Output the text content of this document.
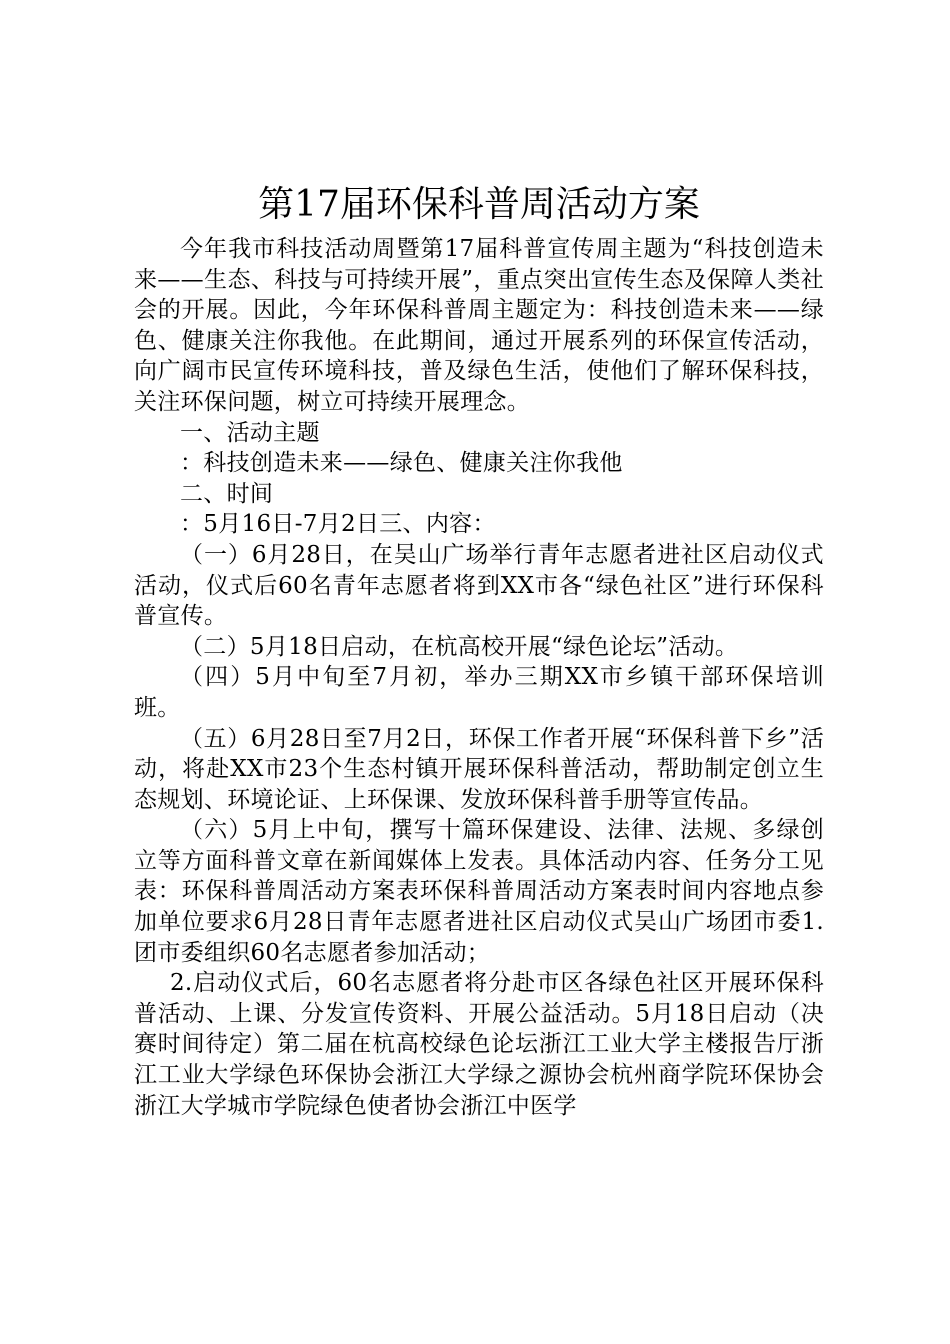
第17届环保科普周活动方案

今年我市科技活动周暨第17届科普宣传周主题为“科技创造未来——生态、科技与可持续开展”，重点突出宣传生态及保障人类社会的开展。因此，今年环保科普周主题定为：科技创造未来——绿色、健康关注你我他。在此期间，通过开展系列的环保宣传活动，向广阔市民宣传环境科技，普及绿色生活，使他们了解环保科技，关注环保问题，树立可持续开展理念。

一、活动主题

：科技创造未来——绿色、健康关注你我他

二、时间

：5月16日-7月2日三、内容：

（一）6月28日，在吴山广场举行青年志愿者进社区启动仪式活动，仪式后60名青年志愿者将到XX市各“绿色社区”进行环保科普宣传。

（二）5月18日启动，在杭高校开展“绿色论坛”活动。

（四）5月中旬至7月初，举办三期XX市乡镇干部环保培训班。

（五）6月28日至7月2日，环保工作者开展“环保科普下乡”活动，将赴XX市23个生态村镇开展环保科普活动，帮助制定创立生态规划、环境论证、上环保课、发放环保科普手册等宣传品。

（六）5月上中旬，撰写十篇环保建设、法律、法规、多绿创立等方面科普文章在新闻媒体上发表。具体活动内容、任务分工见表：环保科普周活动方案表环保科普周活动方案表时间内容地点参加单位要求6月28日青年志愿者进社区启动仪式吴山广场团市委1.团市委组织60名志愿者参加活动；

2.启动仪式后，60名志愿者将分赴市区各绿色社区开展环保科普活动、上课、分发宣传资料、开展公益活动。5月18日启动（决赛时间待定）第二届在杭高校绿色论坛浙江工业大学主楼报告厅浙江工业大学绿色环保协会浙江大学绿之源协会杭州商学院环保协会浙江大学城市学院绿色使者协会浙江中医学
